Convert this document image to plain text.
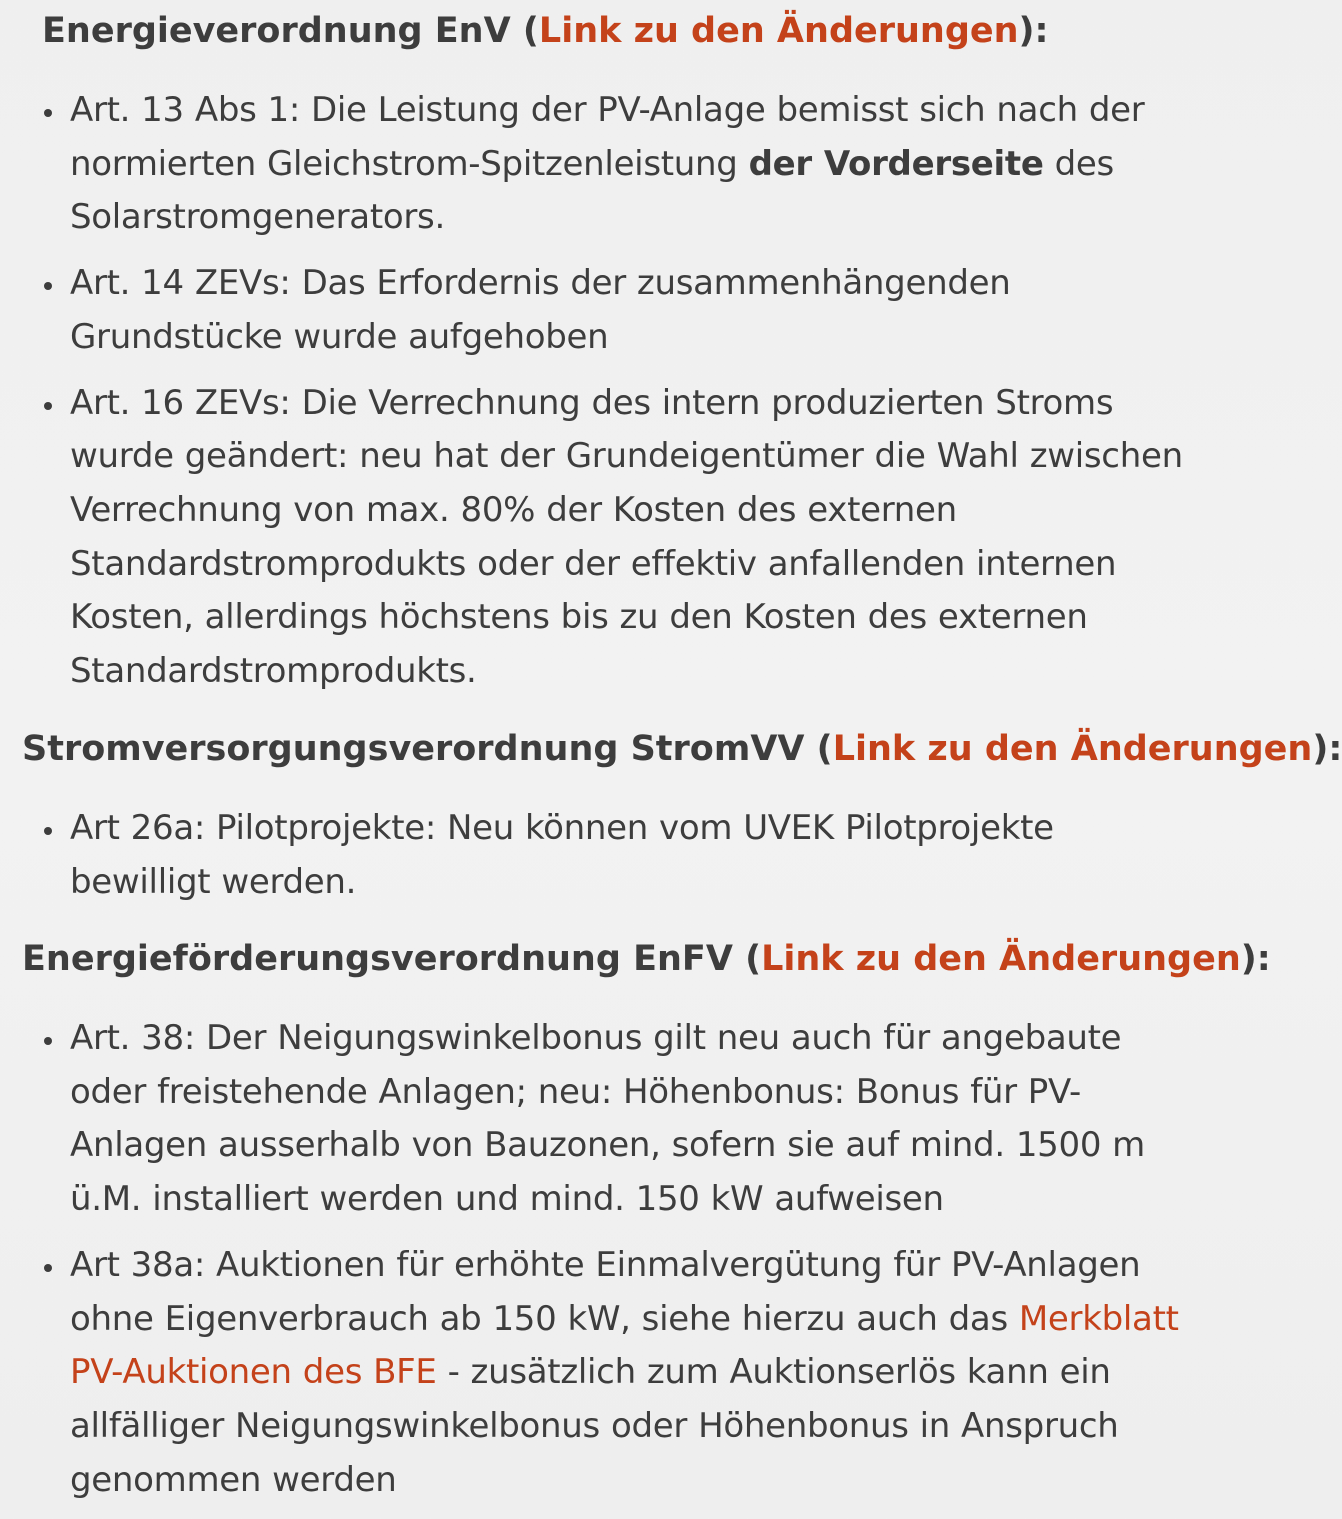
Energieverordnung EnV (Link zu den Änderungen):
Art. 13 Abs 1: Die Leistung der PV-Anlage bemisst sich nach der normierten Gleichstrom-Spitzenleistung der Vorderseite des Solarstromgenerators.
Art. 14 ZEVs: Das Erfordernis der zusammenhängenden Grundstücke wurde aufgehoben
Art. 16 ZEVs: Die Verrechnung des intern produzierten Stroms wurde geändert: neu hat der Grundeigentümer die Wahl zwischen Verrechnung von max. 80% der Kosten des externen Standardstromprodukts oder der effektiv anfallenden internen Kosten, allerdings höchstens bis zu den Kosten des externen Standardstromprodukts.
Stromversorgungsverordnung StromVV (Link zu den Änderungen):
Art 26a: Pilotprojekte: Neu können vom UVEK Pilotprojekte bewilligt werden.
Energieförderungsverordnung EnFV (Link zu den Änderungen):
Art. 38: Der Neigungswinkelbonus gilt neu auch für angebaute oder freistehende Anlagen; neu: Höhenbonus: Bonus für PV-Anlagen ausserhalb von Bauzonen, sofern sie auf mind. 1500 m ü.M. installiert werden und mind. 150 kW aufweisen
Art 38a: Auktionen für erhöhte Einmalvergütung für PV-Anlagen ohne Eigenverbrauch ab 150 kW, siehe hierzu auch das Merkblatt PV-Auktionen des BFE - zusätzlich zum Auktionserlös kann ein allfälliger Neigungswinkelbonus oder Höhenbonus in Anspruch genommen werden
